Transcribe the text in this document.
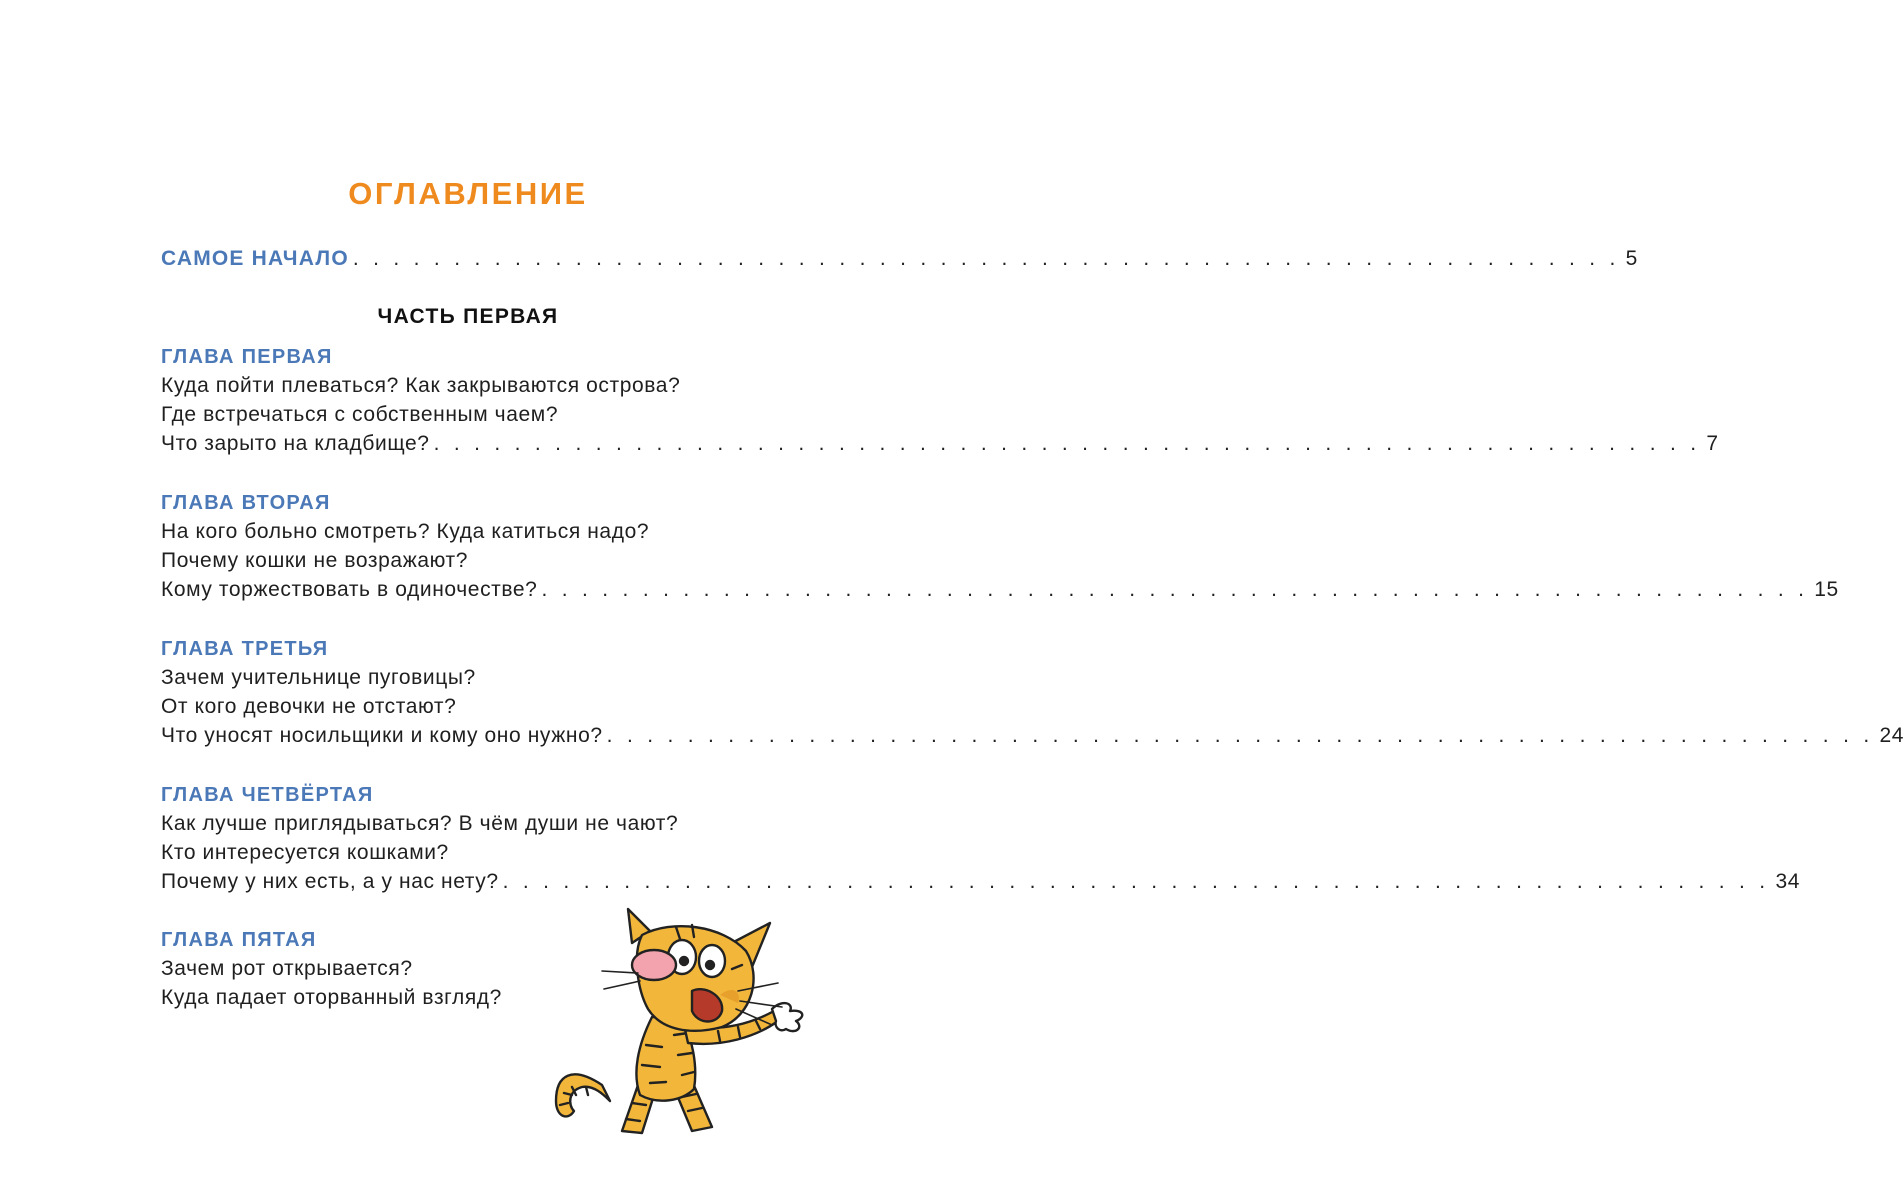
ОГЛАВЛЕНИЕ
САМОЕ НАЧАЛО . . . . . . . . . . . . . . . . . . . . . . . . . . . . . . . . . . . . . . . . . . . . . . . . . . . . . . . . . . . . . . . 5
ЧАСТЬ ПЕРВАЯ
ГЛАВА ПЕРВАЯ
Куда пойти плеваться? Как закрываются острова?
Где встречаться с собственным чаем?
Что зарыто на кладбище? . . . . . . . . . . . . . . . . . . . . . . . . . . . . . . . . . . . . . . . . . . . . . . . . . . . . . . . . . . . . . . . 7
ГЛАВА ВТОРАЯ
На кого больно смотреть? Куда катиться надо?
Почему кошки не возражают?
Кому торжествовать в одиночестве? . . . . . . . . . . . . . . . . . . . . . . . . . . . . . . . . . . . . . . . . . . . . . . . . . . . . . . . . . . . . . . . 15
ГЛАВА ТРЕТЬЯ
Зачем учительнице пуговицы?
От кого девочки не отстают?
Что уносят носильщики и кому оно нужно? . . . . . . . . . . . . . . . . . . . . . . . . . . . . . . . . . . . . . . . . . . . . . . . . . . . . . . . . . . . . . . . 24
ГЛАВА ЧЕТВЁРТАЯ
Как лучше приглядываться? В чём души не чают?
Кто интересуется кошками?
Почему у них есть, а у нас нету? . . . . . . . . . . . . . . . . . . . . . . . . . . . . . . . . . . . . . . . . . . . . . . . . . . . . . . . . . . . . . . . 34
ГЛАВА ПЯТАЯ
Зачем рот открывается?
Куда падает оторванный взгляд?
